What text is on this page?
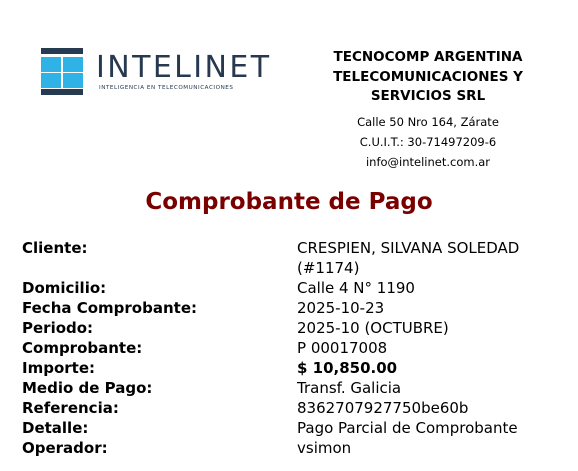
INTELINET
INTELIGENCIA EN TELECOMUNICACIONES

TECNOCOMP ARGENTINA TELECOMUNICACIONES Y SERVICIOS SRL

Calle 50 Nro 164, Zárate

C.U.I.T.: 30-71497209-6

info@intelinet.com.ar

Comprobante de Pago
Cliente:	CRESPIEN, SILVANA SOLEDAD (#1174)
Domicilio:	Calle 4 N° 1190
Fecha Comprobante:	2025-10-23
Periodo:	2025-10 (OCTUBRE)
Comprobante:	P 00017008
Importe:	$ 10,850.00
Medio de Pago:	Transf. Galicia
Referencia:	8362707927750be60b
Detalle:	Pago Parcial de Comprobante
Operador:	vsimon
